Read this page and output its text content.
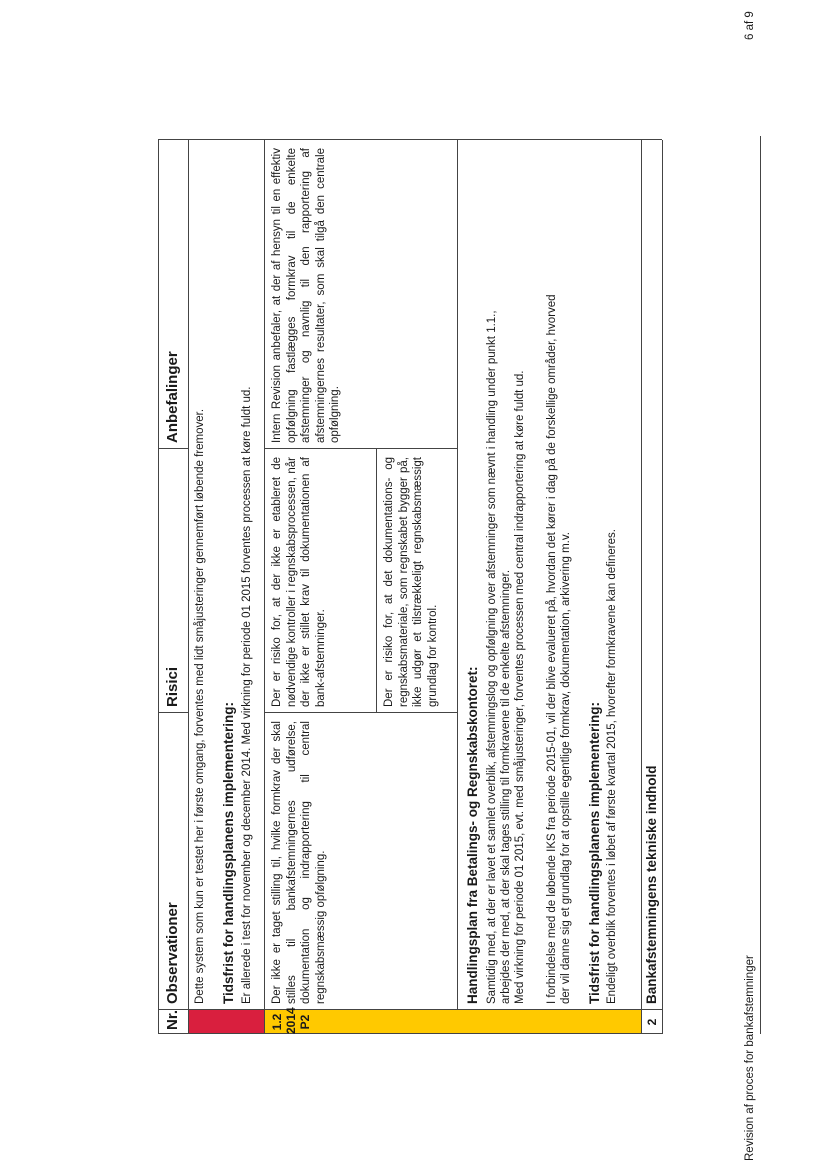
Nr.
Observationer
Risici
Anbefalinger
Dette system som kun er testet her i første omgang, forventes med lidt småjusteringer gennemført løbende fremover. Tidsfrist for handlingsplanens implementering: Er allerede i test for november og december 2014. Med virkning for periode 01 2015 forventes processen at køre fuldt ud.
1.2 2014 P2
Der ikke er taget stilling til, hvilke formkrav der skal stilles til bankafstemningernes udførelse, dokumentation og indrapportering til central regnskabsmæssig opfølgning.
Der er risiko for, at der ikke er etableret de nødvendige kontroller i regnskabsprocessen, når der ikke er stillet krav til dokumentationen af bank-afstemninger.	Der er risiko for, at det dokumentations- og regnskabsmateriale, som regnskabet bygger på, ikke udgør et tilstrækkeligt regnskabsmæssigt grundlag for kontrol.
Intern Revision anbefaler, at der af hensyn til en effektiv opfølgning fastlægges formkrav til de enkelte afstemninger og navnlig til den rapportering af afstemningernes resultater, som skal tilgå den centrale opfølgning.
Handlingsplan fra Betalings- og Regnskabskontoret: Samtidig med, at der er lavet et samlet overblik, afstemningslog og opfølgning over afstemninger som nævnt i handling under punkt 1.1., arbejdes der med, at der skal tages stilling til formkravene til de enkelte afstemninger. Med virkning for periode 01 2015, evt. med småjusteringer, forventes processen med central indrapportering at køre fuldt ud. I forbindelse med de løbende IKS fra periode 2015-01, vil der blive evalueret på, hvordan det kører i dag på de forskellige områder, hvorved der vil danne sig et grundlag for at opstille egentlige formkrav, dokumentation, arkivering m.v. Tidsfrist for handlingsplanens implementering: Endeligt overblik forventes i løbet af første kvartal 2015, hvorefter formkravene kan defineres.
2
Bankafstemningens tekniske indhold
Revision af proces for bankafstemninger
6 af 9
